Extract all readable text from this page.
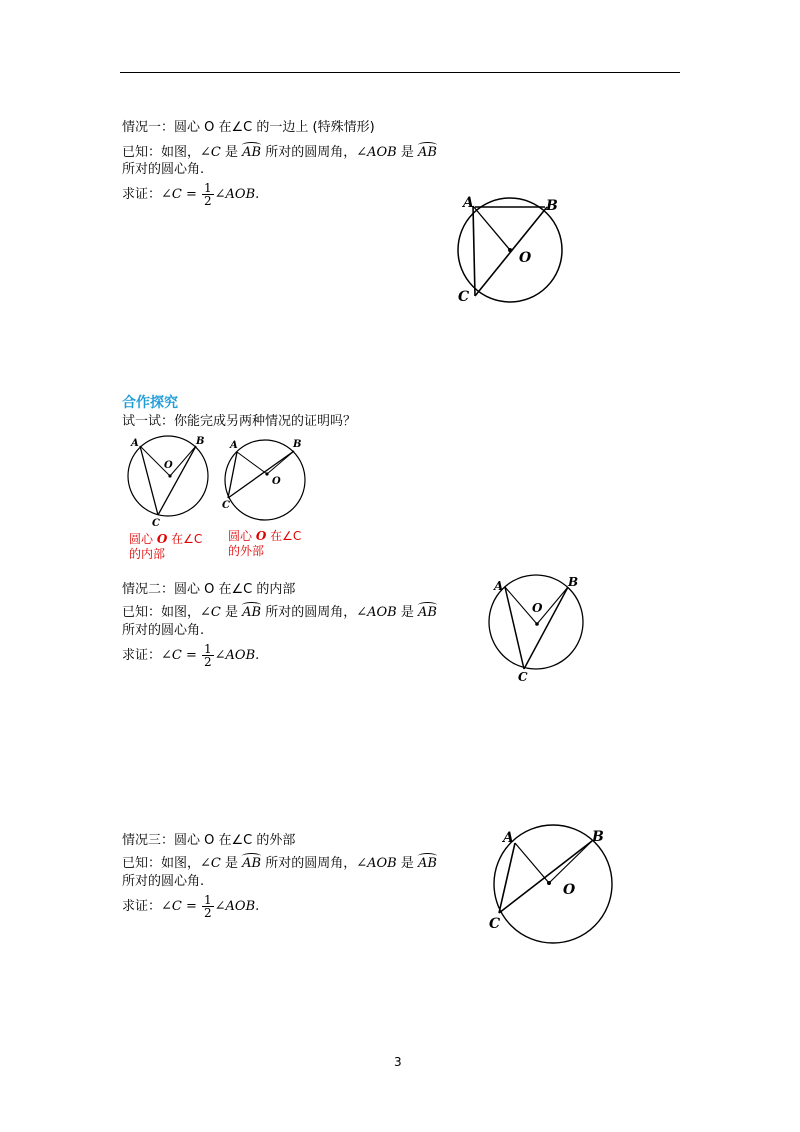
情况一：圆心 O 在∠C 的一边上 (特殊情形)
已知：如图，∠C 是 AB 所对的圆周角，∠AOB 是 AB
所对的圆心角.
求证：∠C = $\frac{1}{2}$ ∠AOB.
A	B
O
C
合作探究
试一试：你能完成另两种情况的证明吗？
A	B
O
C
A	B
O
C
圆心 O 在∠C
的内部
圆心 O 在∠C
的外部
情况二：圆心 O 在∠C 的内部
已知：如图，∠C 是 AB 所对的圆周角，∠AOB 是 AB
所对的圆心角.
求证：∠C = $\frac{1}{2}$ ∠AOB.
A	B
O
C
情况三：圆心 O 在∠C 的外部
已知：如图，∠C 是 AB 所对的圆周角，∠AOB 是 AB
所对的圆心角.
求证：∠C = $\frac{1}{2}$ ∠AOB.
A	B
O
C
3
